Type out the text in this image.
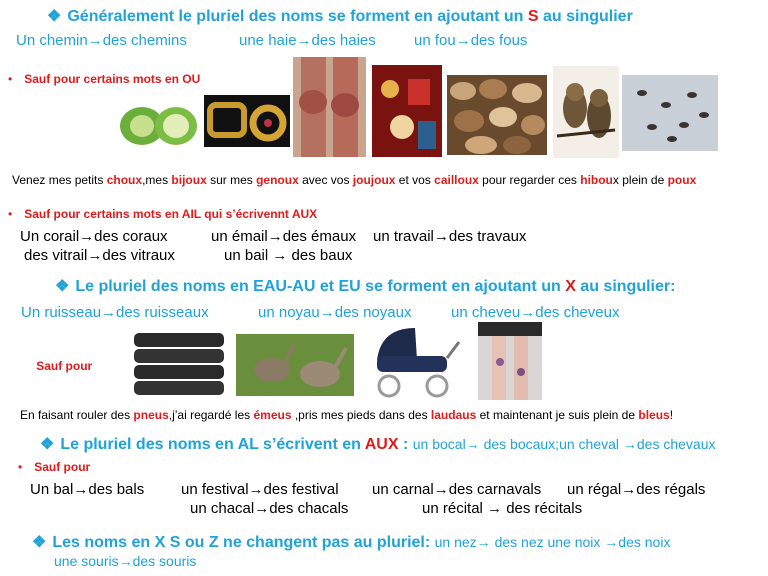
❖ Généralement le pluriel des noms se forment en ajoutant un S au singulier
Un chemin→des chemins	une haie→des haies	un fou→des fous
• Sauf pour certains mots en OU
Venez mes petits choux,mes bijoux sur mes genoux avec vos joujoux et vos cailloux pour regarder ces hiboux plein de poux
• Sauf pour certains mots en AIL qui s’écrivennt AUX
Un corail→des coraux	un émail→des émaux un travail→des travaux
des vitrail→des vitraux	un bail → des baux
❖ Le pluriel des noms en EAU-AU et EU se forment en ajoutant un X au singulier:
Un ruisseau→des ruisseaux	un noyau→des noyaux	un cheveu→des cheveux
Sauf pour
En faisant rouler des pneus,j’ai regardé les émeus ,pris mes pieds dans des laudaus et maintenant je suis plein de bleus!
❖ Le pluriel des noms en AL s’écrivent en AUX : un bocal→ des bocaux;un cheval →des chevaux
• Sauf pour
Un bal→des bals un festival→des festival un carnal→des carnavals un régal→des régals
un chacal→des chacals	un récital → des récitals
❖ Les noms en X S ou Z ne changent pas au pluriel: un nez→ des nez une noix →des noix
une souris→des souris
